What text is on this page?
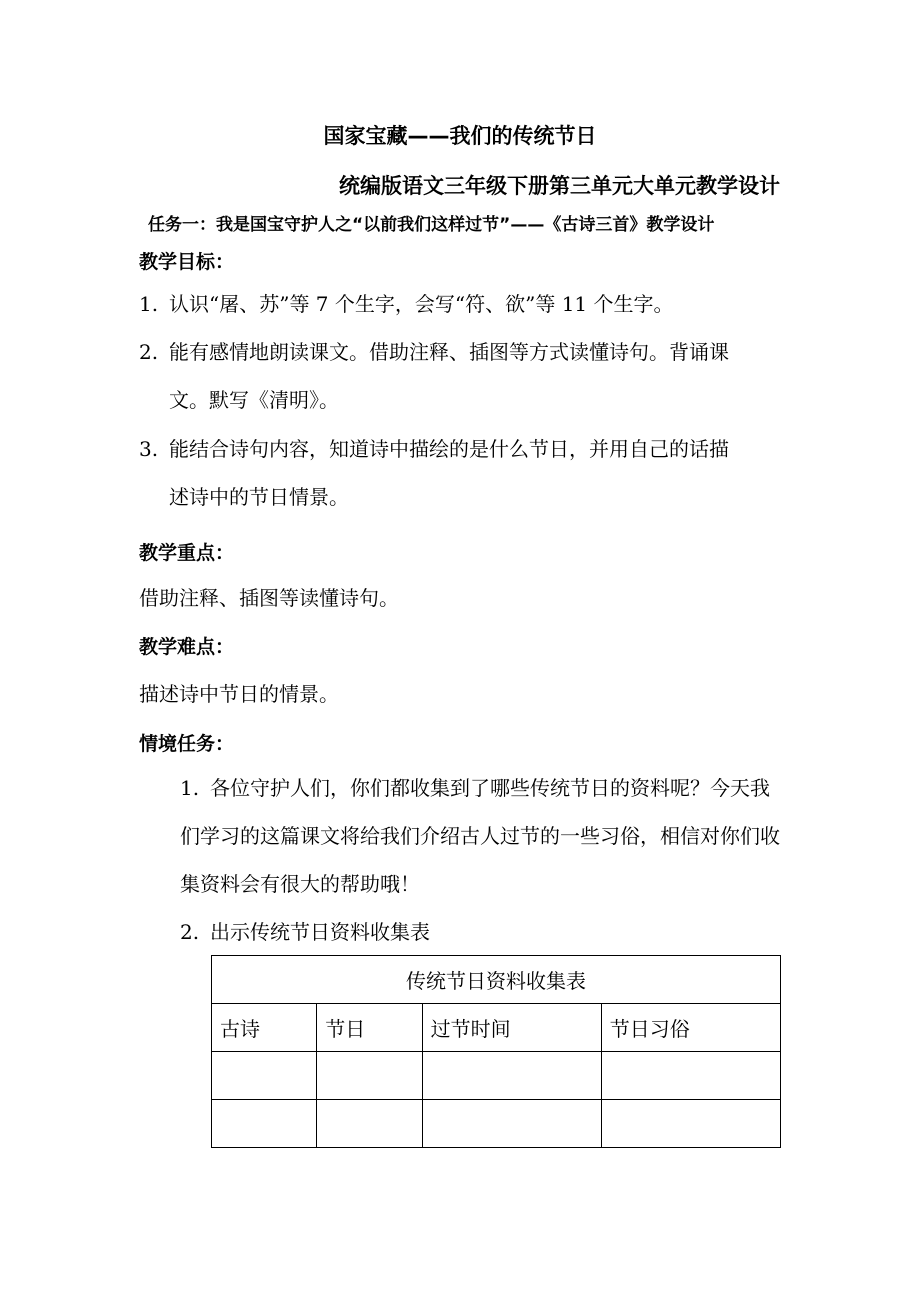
国家宝藏——我们的传统节日
统编版语文三年级下册第三单元大单元教学设计
任务一：我是国宝守护人之“以前我们这样过节”——《古诗三首》教学设计
教学目标：
1. 认识“屠、苏”等 7 个生字，会写“符、欲”等 11 个生字。
2. 能有感情地朗读课文。借助注释、插图等方式读懂诗句。背诵课
文。默写《清明》。
3. 能结合诗句内容，知道诗中描绘的是什么节日，并用自己的话描
述诗中的节日情景。
教学重点：
借助注释、插图等读懂诗句。
教学难点：
描述诗中节日的情景。
情境任务：
1. 各位守护人们，你们都收集到了哪些传统节日的资料呢？今天我们学习的这篇课文将给我们介绍古人过节的一些习俗，相信对你们收集资料会有很大的帮助哦！
2. 出示传统节日资料收集表
传统节日资料收集表			
古诗	节日	过节时间	节日习俗
